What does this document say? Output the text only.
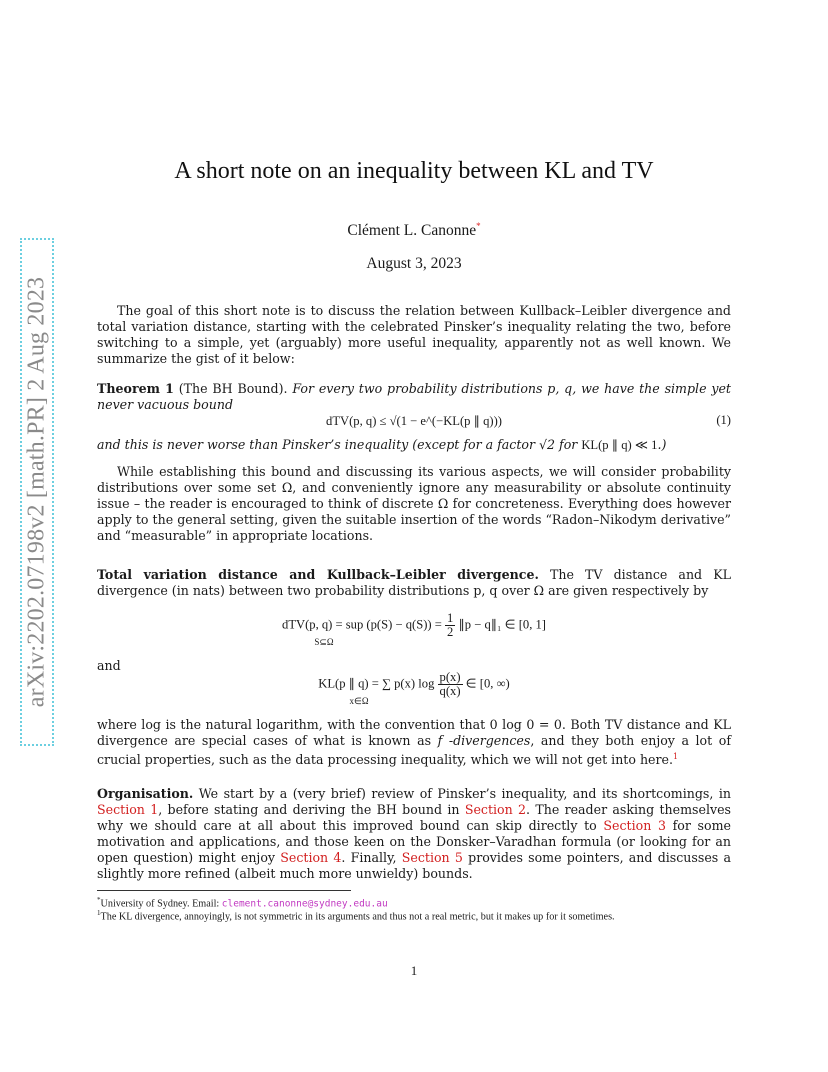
arXiv:2202.07198v2 [math.PR] 2 Aug 2023
A short note on an inequality between KL and TV
Clément L. Canonne*
August 3, 2023
The goal of this short note is to discuss the relation between Kullback–Leibler divergence and total variation distance, starting with the celebrated Pinsker’s inequality relating the two, before switching to a simple, yet (arguably) more useful inequality, apparently not as well known. We summarize the gist of it below:
Theorem 1 (The BH Bound). For every two probability distributions p, q, we have the simple yet never vacuous bound
dTV(p, q) ≤ √(1 − e^(−KL(p ∥ q)))	(1)
and this is never worse than Pinsker’s inequality (except for a factor √2 for KL(p ∥ q) ≪ 1.)
While establishing this bound and discussing its various aspects, we will consider probability distributions over some set Ω, and conveniently ignore any measurability or absolute continuity issue – the reader is encouraged to think of discrete Ω for concreteness. Everything does however apply to the general setting, given the suitable insertion of the words “Radon–Nikodym derivative” and “measurable” in appropriate locations.
Total variation distance and Kullback–Leibler divergence. The TV distance and KL divergence (in nats) between two probability distributions p, q over Ω are given respectively by
dTV(p, q) = sup $(p(S) - q(S)) = \frac{1}{2}$ ∥p − q∥₁ ∈ [0, 1]
S⊆Ω
and
KL(p ∥ q) = ∑ p(x) $\log \frac{p(x)}{q(x)}$ ∈ [0, ∞)
x∈Ω
where log is the natural logarithm, with the convention that 0 log 0 = 0. Both TV distance and KL divergence are special cases of what is known as f -divergences, and they both enjoy a lot of crucial properties, such as the data processing inequality, which we will not get into here.$^1$
Organisation. We start by a (very brief) review of Pinsker’s inequality, and its shortcomings, in Section 1, before stating and deriving the BH bound in Section 2. The reader asking themselves why we should care at all about this improved bound can skip directly to Section 3 for some motivation and applications, and those keen on the Donsker–Varadhan formula (or looking for an open question) might enjoy Section 4. Finally, Section 5 provides some pointers, and discusses a slightly more refined (albeit much more unwieldy) bounds.
*University of Sydney. Email: clement.canonne@sydney.edu.au
$^1$The KL divergence, annoyingly, is not symmetric in its arguments and thus not a real metric, but it makes up for it sometimes.
1
